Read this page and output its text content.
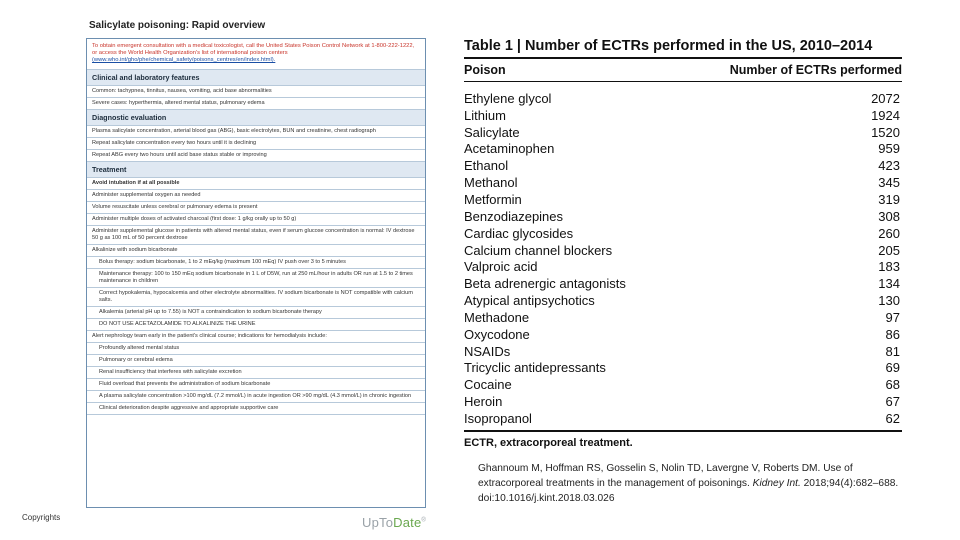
Salicylate poisoning: Rapid overview
To obtain emergent consultation with a medical toxicologist, call the United States Poison Control Network at 1-800-222-1222, or access the World Health Organization's list of international poison centers (www.who.int/gho/phe/chemical_safety/poisons_centres/en/index.html).
Clinical and laboratory features
Common: tachypnea, tinnitus, nausea, vomiting, acid base abnormalities
Severe cases: hyperthermia, altered mental status, pulmonary edema
Diagnostic evaluation
Plasma salicylate concentration, arterial blood gas (ABG), basic electrolytes, BUN and creatinine, chest radiograph
Repeat salicylate concentration every two hours until it is declining
Repeat ABG every two hours until acid base status stable or improving
Treatment
Avoid intubation if at all possible
Administer supplemental oxygen as needed
Volume resuscitate unless cerebral or pulmonary edema is present
Administer multiple doses of activated charcoal (first dose: 1 g/kg orally up to 50 g)
Administer supplemental glucose in patients with altered mental status, even if serum glucose concentration is normal: IV dextrose 50 g as 100 mL of 50 percent dextrose
Alkalinize with sodium bicarbonate
Bolus therapy: sodium bicarbonate, 1 to 2 mEq/kg (maximum 100 mEq) IV push over 3 to 5 minutes
Maintenance therapy: 100 to 150 mEq sodium bicarbonate in 1 L of D5W, run at 250 mL/hour in adults OR run at 1.5 to 2 times maintenance in children
Correct hypokalemia, hypocalcemia and other electrolyte abnormalities. IV sodium bicarbonate is NOT compatible with calcium salts.
Alkalemia (arterial pH up to 7.55) is NOT a contraindication to sodium bicarbonate therapy
DO NOT USE ACETAZOLAMIDE TO ALKALINIZE THE URINE
Alert nephrology team early in the patient's clinical course; indications for hemodialysis include:
Profoundly altered mental status
Pulmonary or cerebral edema
Renal insufficiency that interferes with salicylate excretion
Fluid overload that prevents the administration of sodium bicarbonate
A plasma salicylate concentration >100 mg/dL (7.2 mmol/L) in acute ingestion OR >90 mg/dL (4.3 mmol/L) in chronic ingestion
Clinical deterioration despite aggressive and appropriate supportive care
Copyrights	UpToDate®
Table 1 | Number of ECTRs performed in the US, 2010–2014
Poison	Number of ECTRs performed
Ethylene glycol	2072
Lithium	1924
Salicylate	1520
Acetaminophen	959
Ethanol	423
Methanol	345
Metformin	319
Benzodiazepines	308
Cardiac glycosides	260
Calcium channel blockers	205
Valproic acid	183
Beta adrenergic antagonists	134
Atypical antipsychotics	130
Methadone	97
Oxycodone	86
NSAIDs	81
Tricyclic antidepressants	69
Cocaine	68
Heroin	67
Isopropanol	62
ECTR, extracorporeal treatment.
Ghannoum M, Hoffman RS, Gosselin S, Nolin TD, Lavergne V, Roberts DM. Use of extracorporeal treatments in the management of poisonings. Kidney Int. 2018;94(4):682–688. doi:10.1016/j.kint.2018.03.026
